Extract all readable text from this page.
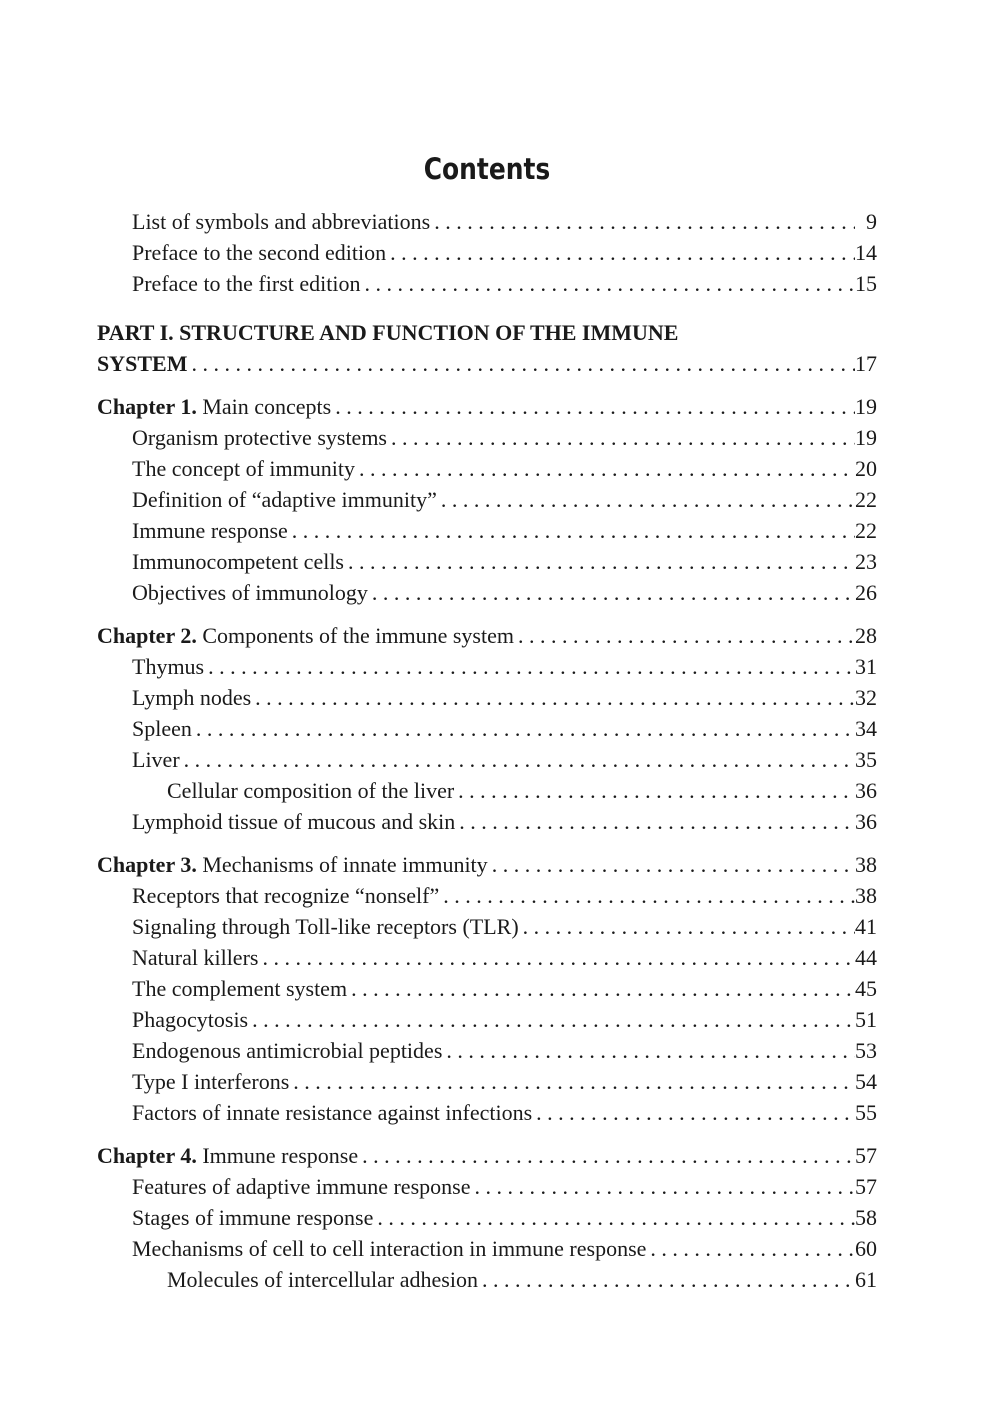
Contents
List of symbols and abbreviations . . .	9
Preface to the second edition . . .	14
Preface to the first edition . . .	15
PART I. STRUCTURE AND FUNCTION OF THE IMMUNE
SYSTEM . . .	17
Chapter 1. Main concepts . . .	19
Organism protective systems . . .	19
The concept of immunity . . .	20
Definition of “adaptive immunity” . . .	22
Immune response . . .	22
Immunocompetent cells . . .	23
Objectives of immunology . . .	26
Chapter 2. Components of the immune system . . .	28
Thymus . . .	31
Lymph nodes . . .	32
Spleen . . .	34
Liver . . .	35
Cellular composition of the liver . . .	36
Lymphoid tissue of mucous and skin . . .	36
Chapter 3. Mechanisms of innate immunity . . .	38
Receptors that recognize “nonself” . . .	38
Signaling through Toll-like receptors (TLR) . . .	41
Natural killers . . .	44
The complement system . . .	45
Phagocytosis . . .	51
Endogenous antimicrobial peptides . . .	53
Type I interferons . . .	54
Factors of innate resistance against infections . . .	55
Chapter 4. Immune response . . .	57
Features of adaptive immune response . . .	57
Stages of immune response . . .	58
Mechanisms of cell to cell interaction in immune response . . .	60
Molecules of intercellular adhesion . . .	61
